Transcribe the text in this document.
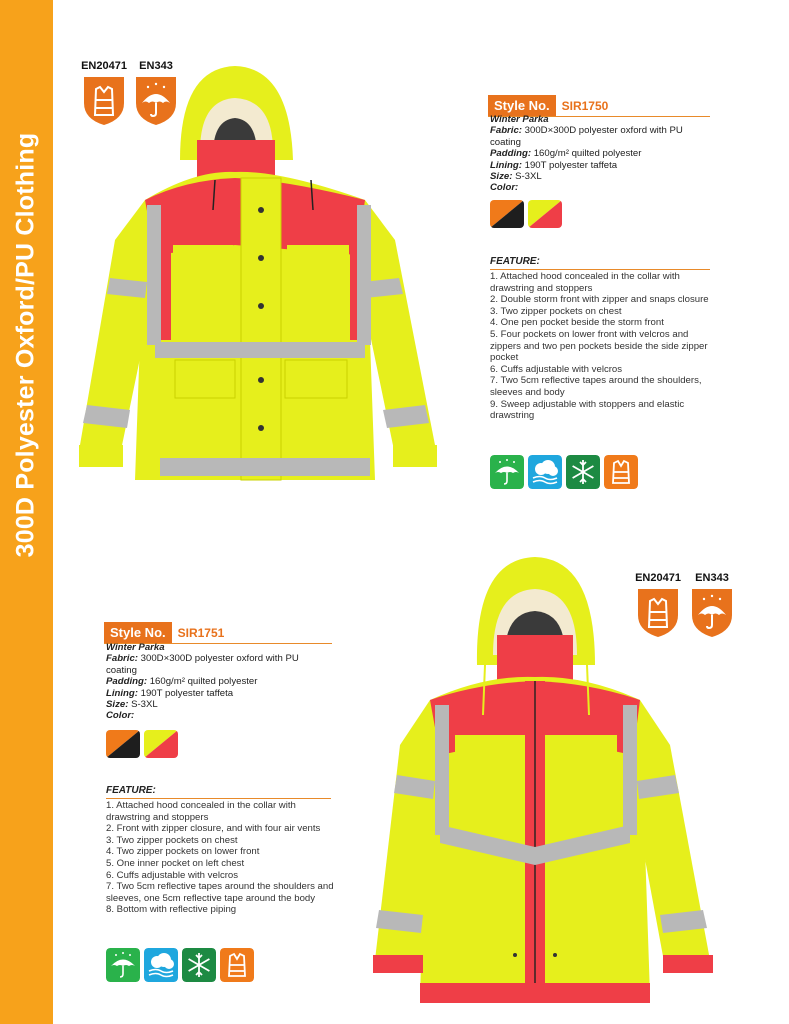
300D Polyester Oxford/PU Clothing
EN20471	EN343
Style No.	SIR1750
Winter Parka
Fabric: 300D×300D polyester oxford with PU coating
Padding: 160g/m² quilted polyester
Lining: 190T polyester taffeta
Size: S-3XL
Color:
FEATURE:
1. Attached hood concealed in the collar with drawstring and stoppers
2. Double storm front with zipper and snaps closure
3. Two zipper pockets on chest
4. One pen pocket beside the storm front
5. Four pockets on lower front with velcros and zippers and two pen pockets beside the side zipper pocket
6. Cuffs adjustable with velcros
7. Two 5cm reflective tapes around the shoulders, sleeves and body
9. Sweep adjustable with stoppers and elastic drawstring
EN20471	EN343
Style No.	SIR1751
Winter Parka
Fabric: 300D×300D polyester oxford with PU coating
Padding: 160g/m² quilted polyester
Lining: 190T polyester taffeta
Size: S-3XL
Color:
FEATURE:
1. Attached hood concealed in the collar with drawstring and stoppers
2. Front with zipper closure, and with four air vents
3. Two zipper pockets on chest
4. Two zipper pockets on lower front
5. One inner pocket on left chest
6. Cuffs adjustable with velcros
7. Two 5cm reflective tapes around the shoulders and sleeves, one 5cm reflective tape around the body
8. Bottom with reflective piping
